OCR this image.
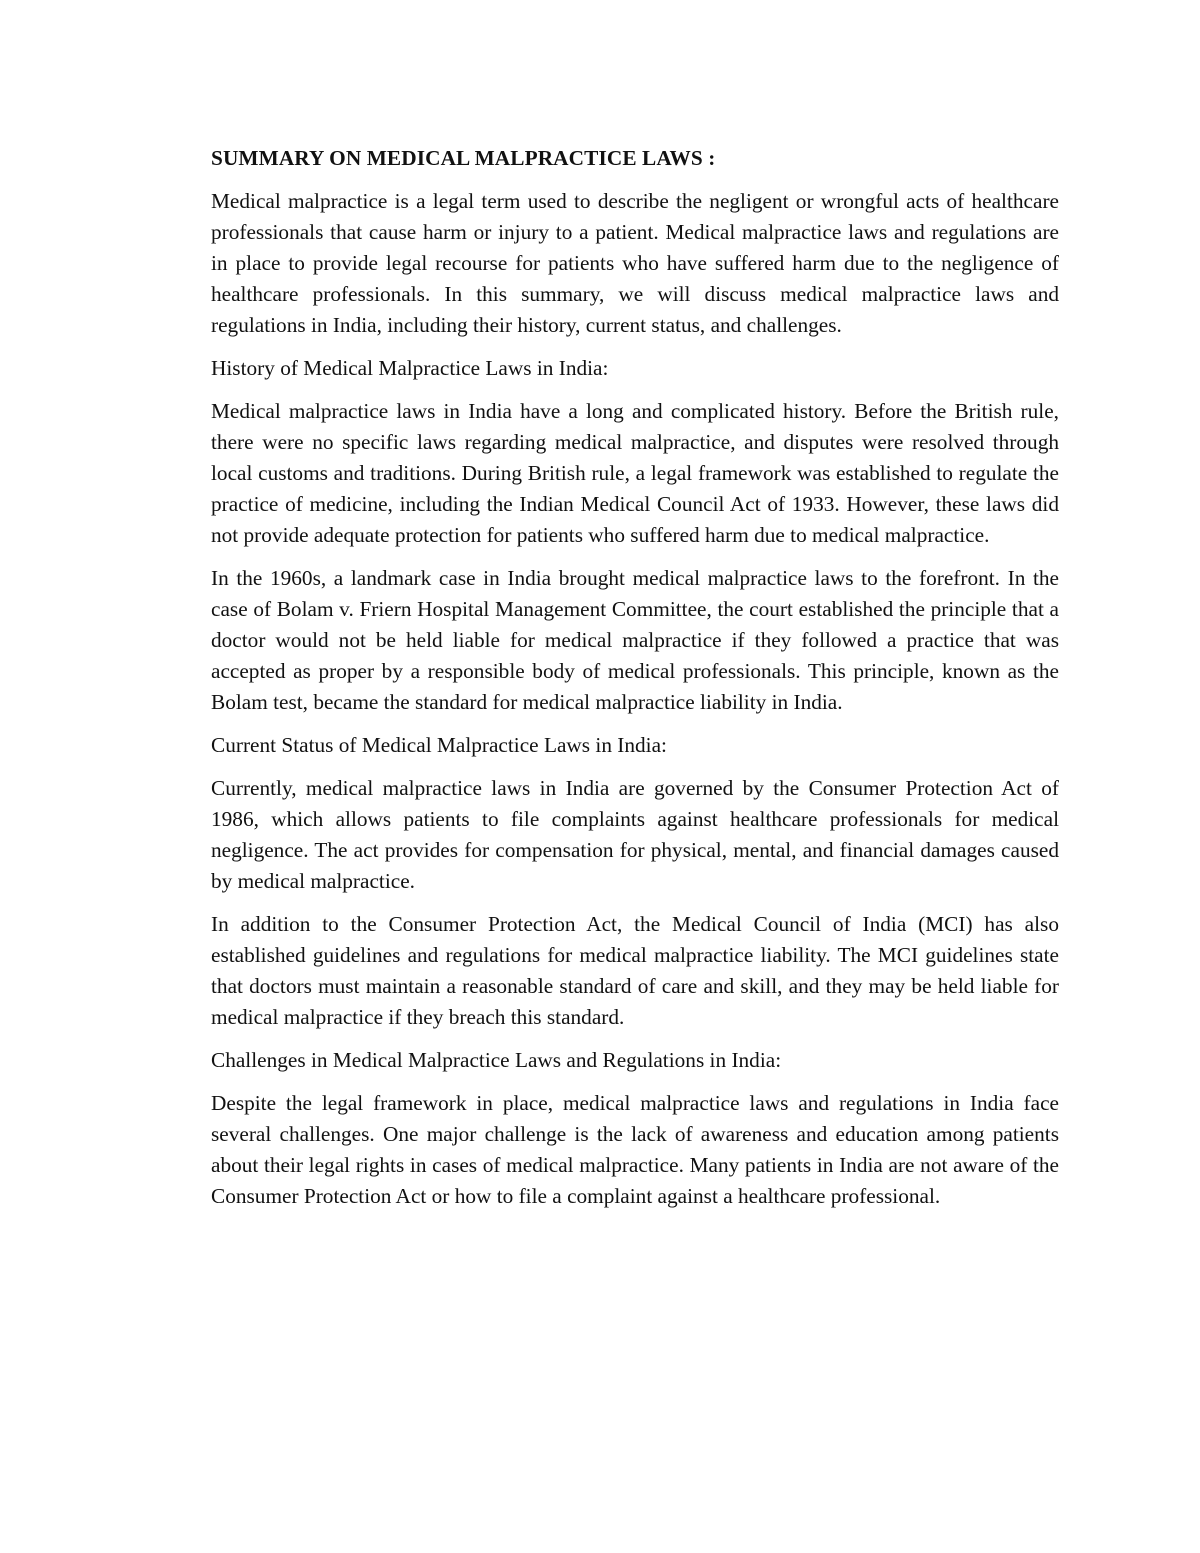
SUMMARY ON MEDICAL MALPRACTICE LAWS :

Medical malpractice is a legal term used to describe the negligent or wrongful acts of healthcare professionals that cause harm or injury to a patient. Medical malpractice laws and regulations are in place to provide legal recourse for patients who have suffered harm due to the negligence of healthcare professionals. In this summary, we will discuss medical malpractice laws and regulations in India, including their history, current status, and challenges.

History of Medical Malpractice Laws in India:

Medical malpractice laws in India have a long and complicated history. Before the British rule, there were no specific laws regarding medical malpractice, and disputes were resolved through local customs and traditions. During British rule, a legal framework was established to regulate the practice of medicine, including the Indian Medical Council Act of 1933. However, these laws did not provide adequate protection for patients who suffered harm due to medical malpractice.

In the 1960s, a landmark case in India brought medical malpractice laws to the forefront. In the case of Bolam v. Friern Hospital Management Committee, the court established the principle that a doctor would not be held liable for medical malpractice if they followed a practice that was accepted as proper by a responsible body of medical professionals. This principle, known as the Bolam test, became the standard for medical malpractice liability in India.

Current Status of Medical Malpractice Laws in India:

Currently, medical malpractice laws in India are governed by the Consumer Protection Act of 1986, which allows patients to file complaints against healthcare professionals for medical negligence. The act provides for compensation for physical, mental, and financial damages caused by medical malpractice.

In addition to the Consumer Protection Act, the Medical Council of India (MCI) has also established guidelines and regulations for medical malpractice liability. The MCI guidelines state that doctors must maintain a reasonable standard of care and skill, and they may be held liable for medical malpractice if they breach this standard.

Challenges in Medical Malpractice Laws and Regulations in India:

Despite the legal framework in place, medical malpractice laws and regulations in India face several challenges. One major challenge is the lack of awareness and education among patients about their legal rights in cases of medical malpractice. Many patients in India are not aware of the Consumer Protection Act or how to file a complaint against a healthcare professional.
